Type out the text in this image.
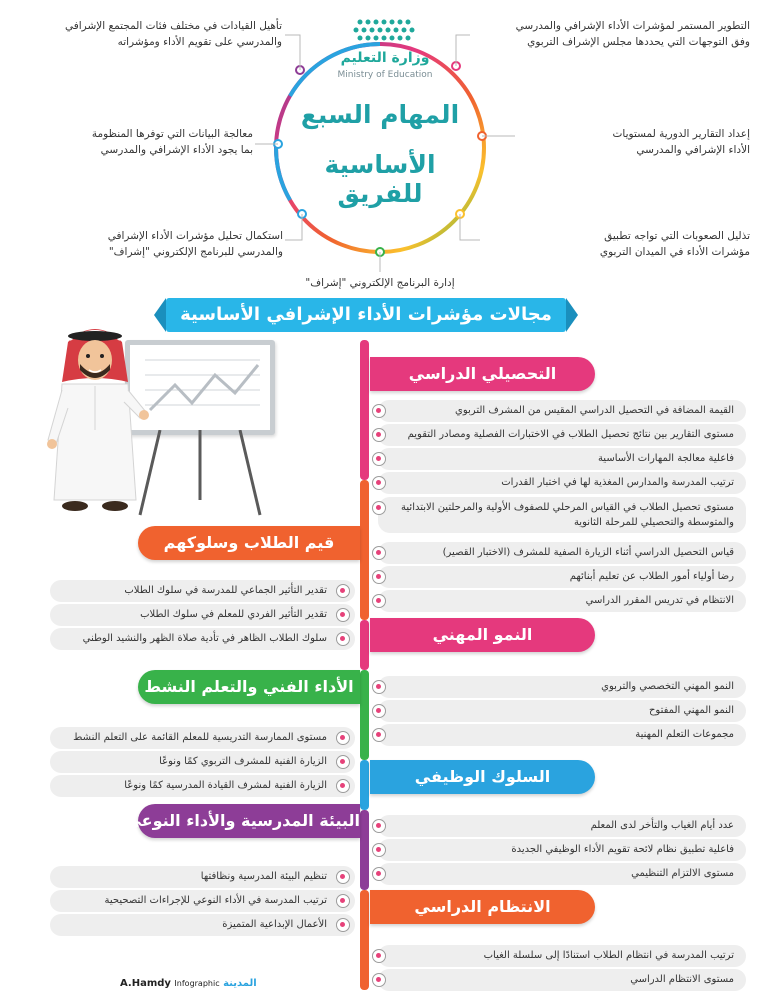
وزارة التعليم
Ministry of Education
المهام السبع
الأساسية للفريق
التطوير المستمر لمؤشرات الأداء الإشرافي والمدرسي
وفق التوجهات التي يحددها مجلس الإشراف التربوي
إعداد التقارير الدورية لمستويات
الأداء الإشرافي والمدرسي
تذليل الصعوبات التي تواجه تطبيق
مؤشرات الأداء في الميدان التربوي
إدارة البرنامج الإلكتروني "إشراف"
استكمال تحليل مؤشرات الأداء الإشرافي
والمدرسي للبرنامج الإلكتروني "إشراف"
معالجة البيانات التي توفرها المنظومة
بما يجود الأداء الإشرافي والمدرسي
تأهيل القيادات في مختلف فئات المجتمع الإشرافي
والمدرسي على تقويم الأداء ومؤشراته
مجالات مؤشرات الأداء الإشرافي الأساسية
التحصيلي الدراسي
القيمة المضافة في التحصيل الدراسي المقيس من المشرف التربوي
مستوى التقارير بين نتائج تحصيل الطلاب في الاختبارات الفصلية ومصادر التقويم
فاعلية معالجة المهارات الأساسية
ترتيب المدرسة والمدارس المغذية لها في اختبار القدرات
مستوى تحصيل الطلاب في القياس المرحلي للصفوف الأولية والمرحلتين الابتدائية والمتوسطة والتحصيلي للمرحلة الثانوية
قياس التحصيل الدراسي أثناء الزيارة الصفية للمشرف (الاختبار القصير)
رضا أولياء أمور الطلاب عن تعليم أبنائهم
الانتظام في تدريس المقرر الدراسي
قيم الطلاب وسلوكهم
تقدير التأثير الجماعي للمدرسة في سلوك الطلاب
تقدير التأثير الفردي للمعلم في سلوك الطلاب
سلوك الطلاب الظاهر في تأدية صلاة الظهر والنشيد الوطني	النمو المهني
النمو المهني التخصصي والتربوي
النمو المهني المفتوح
مجموعات التعلم المهنية
الأداء الفني والتعلم النشط
مستوى الممارسة التدريسية للمعلم القائمة على التعلم النشط
الزيارة الفنية للمشرف التربوي كمًا ونوعًا
الزيارة الفنية لمشرف القيادة المدرسية كمًا ونوعًا	السلوك الوظيفي
عدد أيام الغياب والتأخر لدى المعلم
فاعلية تطبيق نظام لائحة تقويم الأداء الوظيفي الجديدة
مستوى الالتزام التنظيمي
البيئة المدرسية والأداء النوعي
تنظيم البيئة المدرسية ونظافتها
ترتيب المدرسة في الأداء النوعي للإجراءات التصحيحية
الأعمال الإبداعية المتميزة
الانتظام الدراسي
ترتيب المدرسة في انتظام الطلاب استنادًا إلى سلسلة الغياب
مستوى الانتظام الدراسي
A.Hamdy Infographic المدينة
